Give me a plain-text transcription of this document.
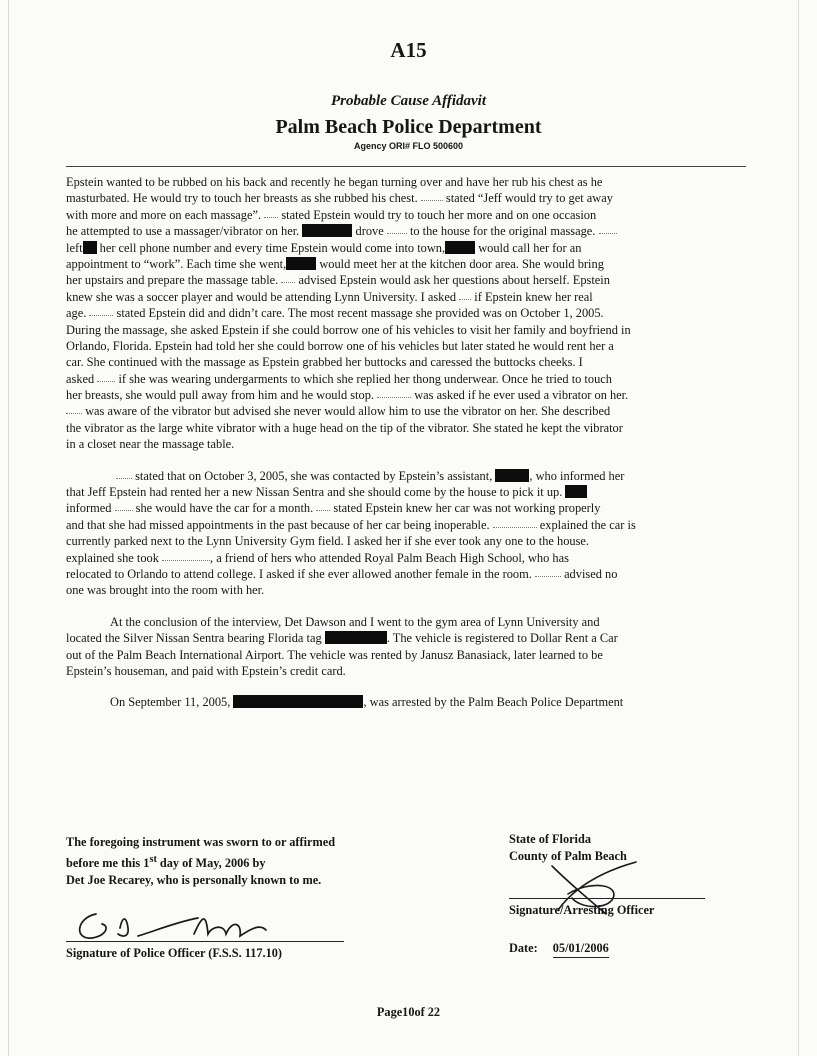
A15
Probable Cause Affidavit
Palm Beach Police Department
Agency ORI# FLO 500600
Epstein wanted to be rubbed on his back and recently he began turning over and have her rub his chest as he
masturbated. He would try to touch her breasts as she rubbed his chest. stated “Jeff would try to get away
with more and more on each massage”. stated Epstein would try to touch her more and on one occasion
he attempted to use a massager/vibrator on her.	drove to the house for the original massage.
left her cell phone number and every time Epstein would come into town,	would call her for an
appointment to “work”. Each time she went,	would meet her at the kitchen door area. She would bring
her upstairs and prepare the massage table. advised Epstein would ask her questions about herself. Epstein
knew she was a soccer player and would be attending Lynn University. I asked if Epstein knew her real
age. stated Epstein did and didn’t care. The most recent massage she provided was on October 1, 2005.
During the massage, she asked Epstein if she could borrow one of his vehicles to visit her family and boyfriend in
Orlando, Florida. Epstein had told her she could borrow one of his vehicles but later stated he would rent her a
car. She continued with the massage as Epstein grabbed her buttocks and caressed the buttocks cheeks. I
asked if she was wearing undergarments to which she replied her thong underwear. Once he tried to touch
her breasts, she would pull away from him and he would stop.	was asked if he ever used a vibrator on her.
was aware of the vibrator but advised she never would allow him to use the vibrator on her. She described
the vibrator as the large white vibrator with a huge head on the tip of the vibrator. She stated he kept the vibrator
in a closet near the massage table.
stated that on October 3, 2005, she was contacted by Epstein’s assistant,	, who informed her
that Jeff Epstein had rented her a new Nissan Sentra and she should come by the house to pick it up.
informed she would have the car for a month. stated Epstein knew her car was not working properly
and that she had missed appointments in the past because of her car being inoperable.	explained the car is
currently parked next to the Lynn University Gym field. I asked her if she ever took any one to the house.
explained she took	, a friend of hers who attended Royal Palm Beach High School, who has
relocated to Orlando to attend college. I asked if she ever allowed another female in the room.	advised no
one was brought into the room with her.
At the conclusion of the interview, Det Dawson and I went to the gym area of Lynn University and
located the Silver Nissan Sentra bearing Florida tag	. The vehicle is registered to Dollar Rent a Car
out of the Palm Beach International Airport. The vehicle was rented by Janusz Banasiack, later learned to be
Epstein’s houseman, and paid with Epstein’s credit card.
On September 11, 2005,	, was arrested by the Palm Beach Police Department
The foregoing instrument was sworn to or affirmed
before me this 1st day of May, 2006 by
Det Joe Recarey, who is personally known to me.
Signature of Police Officer (F.S.S. 117.10)
State of Florida
County of Palm Beach
Signature/Arresting Officer
Date: 05/01/2006
Page10of 22
